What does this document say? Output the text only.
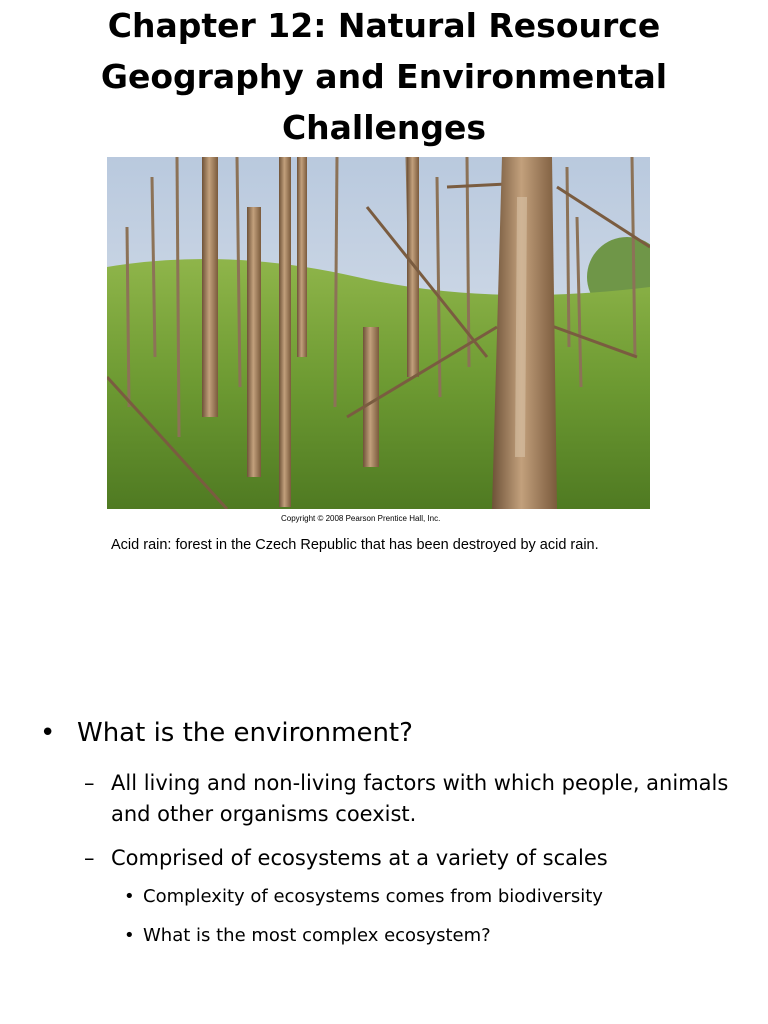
Chapter 12: Natural Resource
Geography and Environmental
Challenges
Copyright © 2008 Pearson Prentice Hall, Inc.
Acid rain: forest in the Czech Republic that has been destroyed by acid rain.
• What is the environment?
– All living and non-living factors with which people, animals and other organisms coexist.
– Comprised of ecosystems at a variety of scales
• Complexity of ecosystems comes from biodiversity
• What is the most complex ecosystem?
